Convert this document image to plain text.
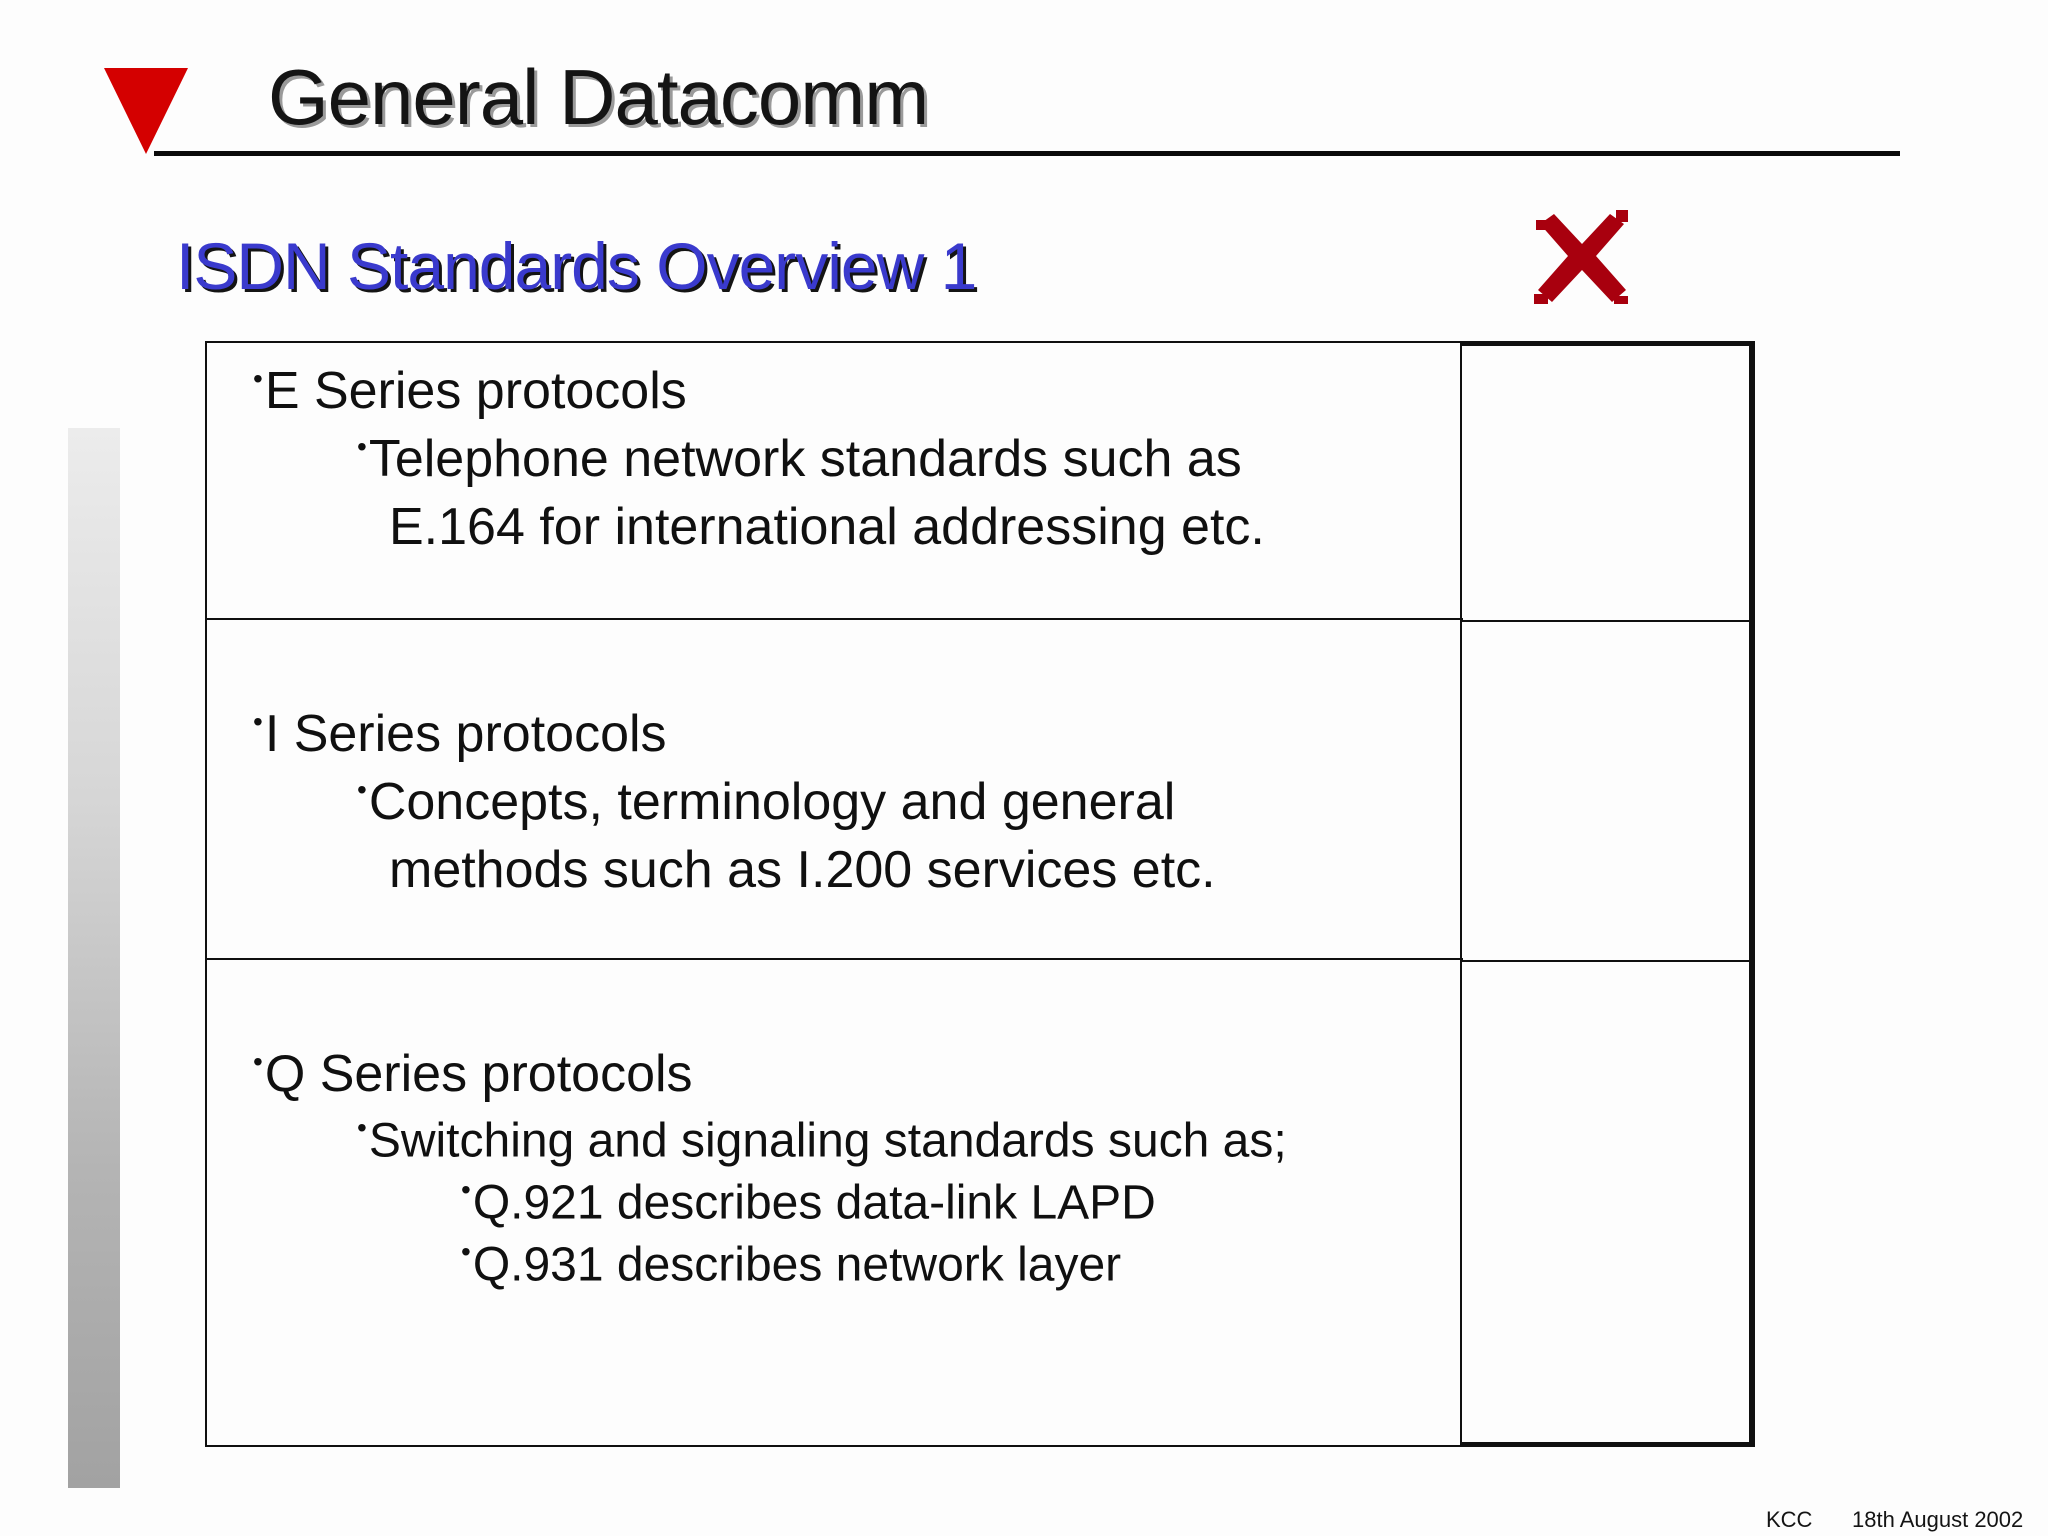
General Datacomm
ISDN Standards Overview 1
•E Series protocols
•Telephone network standards such as
E.164 for international addressing etc.
•I Series protocols
•Concepts, terminology and general
methods such as I.200 services etc.
•Q Series protocols
•Switching and signaling standards such as;
•Q.921 describes data-link LAPD
•Q.931 describes network layer
KCC 18th August 2002
